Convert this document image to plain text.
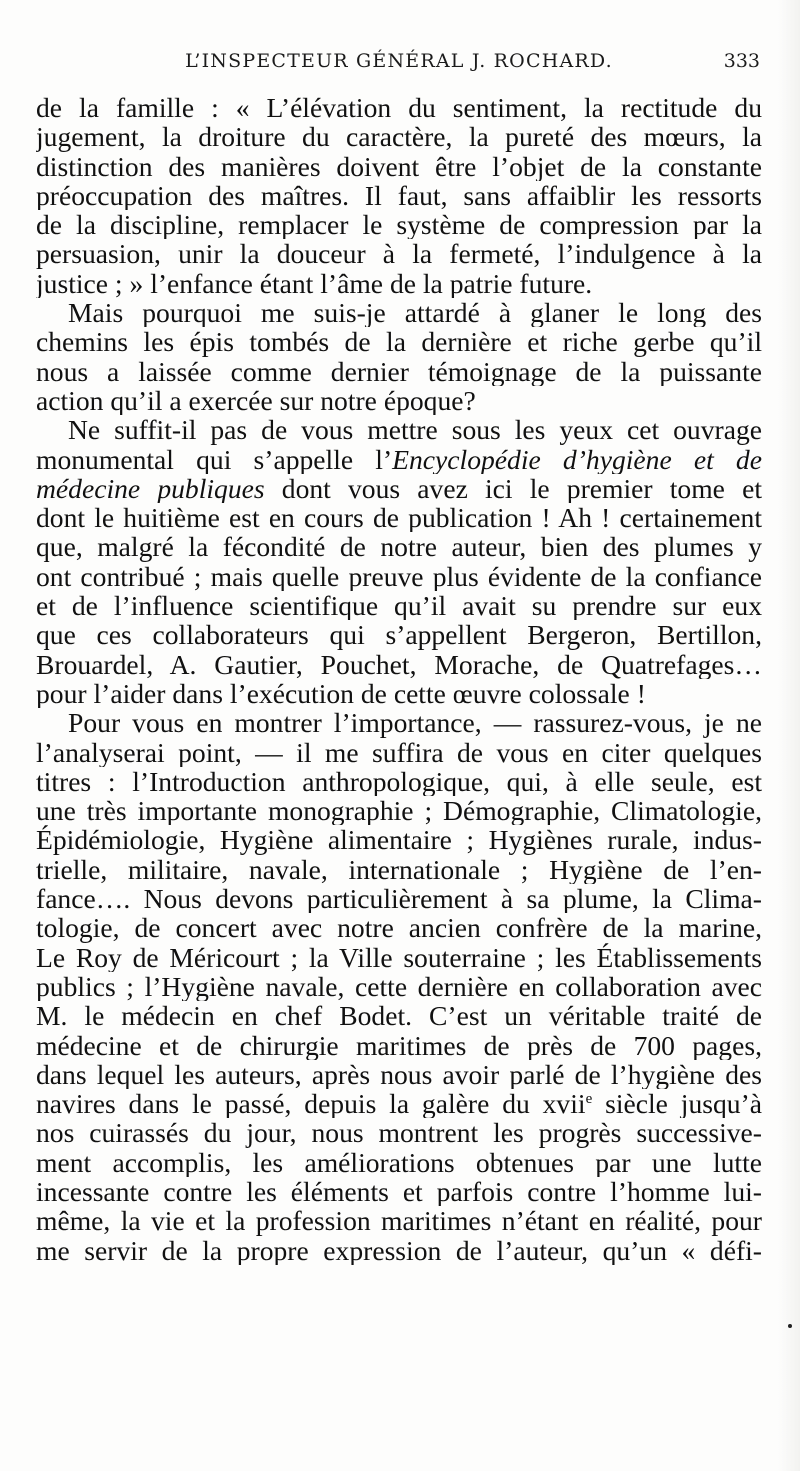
L’INSPECTEUR GÉNÉRAL J. ROCHARD.	333
de la famille : « L’élévation du sentiment, la rectitude du
jugement, la droiture du caractère, la pureté des mœurs, la
distinction des manières doivent être l’objet de la constante
préoccupation des maîtres. Il faut, sans affaiblir les ressorts
de la discipline, remplacer le système de compression par la
persuasion, unir la douceur à la fermeté, l’indulgence à la
justice ; » l’enfance étant l’âme de la patrie future.
Mais pourquoi me suis-je attardé à glaner le long des
chemins les épis tombés de la dernière et riche gerbe qu’il
nous a laissée comme dernier témoignage de la puissante
action qu’il a exercée sur notre époque?
Ne suffit-il pas de vous mettre sous les yeux cet ouvrage
monumental qui s’appelle l’Encyclopédie d’hygiène et de
médecine publiques dont vous avez ici le premier tome et
dont le huitième est en cours de publication ! Ah ! certainement
que, malgré la fécondité de notre auteur, bien des plumes y
ont contribué ; mais quelle preuve plus évidente de la confiance
et de l’influence scientifique qu’il avait su prendre sur eux
que ces collaborateurs qui s’appellent Bergeron, Bertillon,
Brouardel, A. Gautier, Pouchet, Morache, de Quatrefages…
pour l’aider dans l’exécution de cette œuvre colossale !
Pour vous en montrer l’importance, — rassurez-vous, je ne
l’analyserai point, — il me suffira de vous en citer quelques
titres : l’Introduction anthropologique, qui, à elle seule, est
une très importante monographie ; Démographie, Climatologie,
Épidémiologie, Hygiène alimentaire ; Hygiènes rurale, indus-
trielle, militaire, navale, internationale ; Hygiène de l’en-
fance…. Nous devons particulièrement à sa plume, la Clima-
tologie, de concert avec notre ancien confrère de la marine,
Le Roy de Méricourt ; la Ville souterraine ; les Établissements
publics ; l’Hygiène navale, cette dernière en collaboration avec
M. le médecin en chef Bodet. C’est un véritable traité de
médecine et de chirurgie maritimes de près de 700 pages,
dans lequel les auteurs, après nous avoir parlé de l’hygiène des
navires dans le passé, depuis la galère du xvii$^e$ siècle jusqu’à
nos cuirassés du jour, nous montrent les progrès successive-
ment accomplis, les améliorations obtenues par une lutte
incessante contre les éléments et parfois contre l’homme lui-
même, la vie et la profession maritimes n’étant en réalité, pour
me servir de la propre expression de l’auteur, qu’un « défi-
